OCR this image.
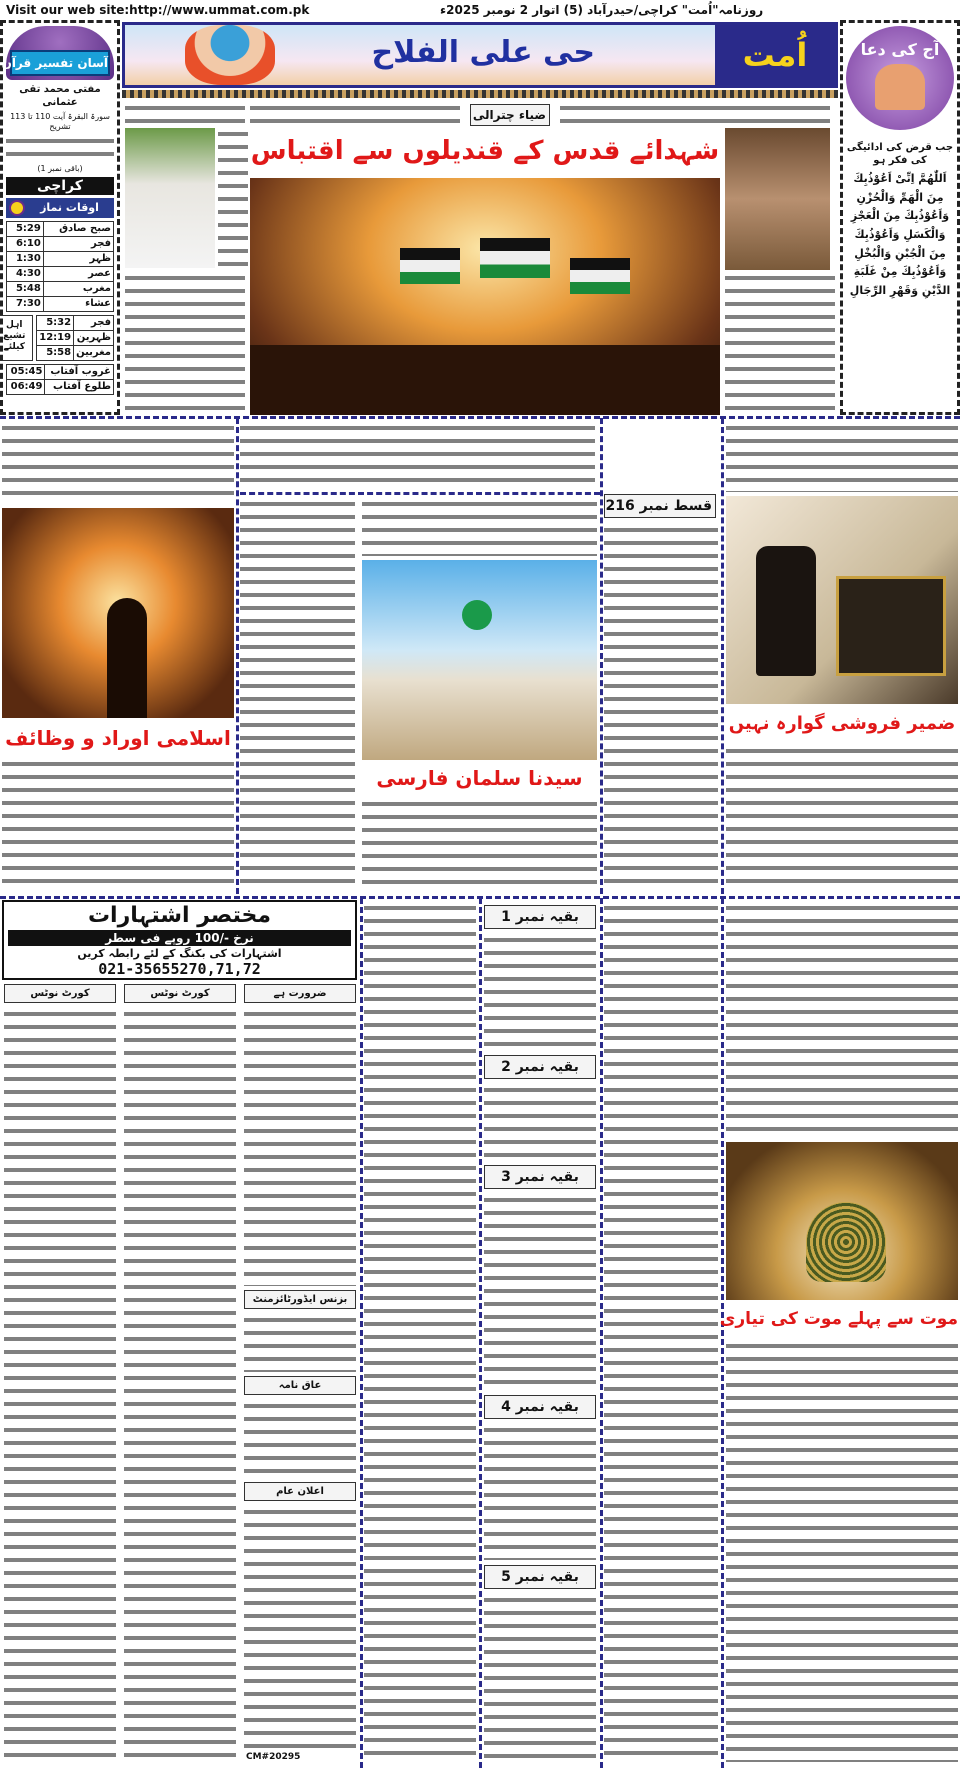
Visit our web site:http://www.ummat.com.pk	روزنامہ"اُمت" کراچی/حیدرآباد (5) اتوار 2 نومبر 2025ء
آسان تفسیر قرآن
مفتی محمد تقی عثمانی
سورۃ البقرۃ آیت 110 تا 113 تشریح
(باقی نمبر 1)
کراچی
اوقات نماز
صبح صادق	5:29
فجر	6:10
ظہر	1:30
عصر	4:30
مغرب	5:48
عشاء	7:30
فجر	5:32
ظہرین	12:19
مغربین	5:58
اہل تشیع کیلئے
غروب آفتاب	05:45
طلوع آفتاب	06:49
حی علی الفلاح	اُمت	آج کی دعا
جب قرض کی ادائیگی کی فکر ہو
اَللّٰهُمَّ اِنِّیْ اَعُوْذُبِكَ مِنَ الْهَمِّ وَالْحُزْنِ وَاَعُوْذُبِكَ مِنَ الْعَجْزِ وَالْكَسَلِ وَاَعُوْذُبِكَ مِنَ الْجُبْنِ وَالْبُخْلِ وَاَعُوْذُبِكَ مِنْ غَلَبَةِ الدَّيْنِ وَقَهْرِ الرِّجَالِ
ضیاء چترالی
شہدائے قدس کے قندیلوں سے اقتباس
اسلامی اوراد و وظائف
سیدنا سلمان فارسی
قسط نمبر 216
ضمیر فروشی گوارہ نہیں
مختصر اشتہارات
نرخ -/100 روپے فی سطر
اشتہارات کی بکنگ کے لئے رابطہ کریں
021-35655270,71,72
ضرورت ہے
کورٹ نوٹس
کورٹ نوٹس
بزنس ایڈورٹائزمنٹ
عاق نامہ
اعلان عام
CM#20295
بقیہ نمبر 1
بقیہ نمبر 2
بقیہ نمبر 3
بقیہ نمبر 4
بقیہ نمبر 5
موت سے پہلے موت کی تیاری
